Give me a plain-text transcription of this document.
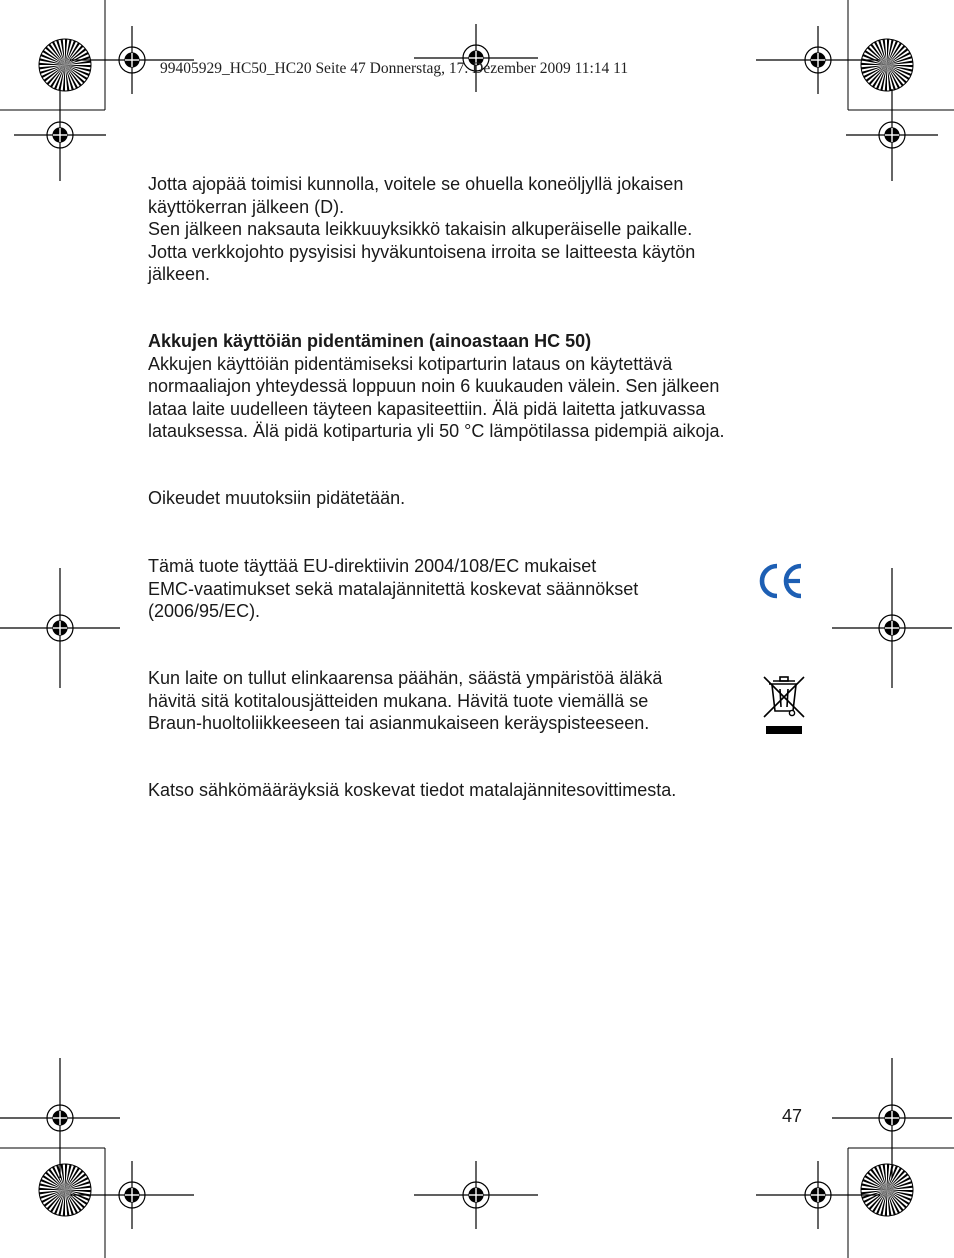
99405929_HC50_HC20 Seite 47 Donnerstag, 17. Dezember 2009 11:14 11

Jotta ajopää toimisi kunnolla, voitele se ohuella koneöljyllä jokaisen

käyttökerran jälkeen (D).

Sen jälkeen naksauta leikkuuyksikkö takaisin alkuperäiselle paikalle.

Jotta verkkojohto pysyisisi hyväkuntoisena irroita se laitteesta käytön

jälkeen.

Akkujen käyttöiän pidentäminen (ainoastaan HC 50)

Akkujen käyttöiän pidentämiseksi kotiparturin lataus on käytettävä

normaaliajon yhteydessä loppuun noin 6 kuukauden välein. Sen jälkeen

lataa laite uudelleen täyteen kapasiteettiin. Älä pidä laitetta jatkuvassa

latauksessa. Älä pidä kotiparturia yli 50 °C lämpötilassa pidempiä aikoja.

Oikeudet muutoksiin pidätetään.

Tämä tuote täyttää EU-direktiivin 2004/108/EC mukaiset

EMC-vaatimukset sekä matalajännitettä koskevat säännökset

(2006/95/EC).

Kun laite on tullut elinkaarensa päähän, säästä ympäristöä äläkä

hävitä sitä kotitalousjätteiden mukana. Hävitä tuote viemällä se

Braun-huoltoliikkeeseen tai asianmukaiseen keräyspisteeseen.

Katso sähkömääräyksiä koskevat tiedot matalajännitesovittimesta.

47
